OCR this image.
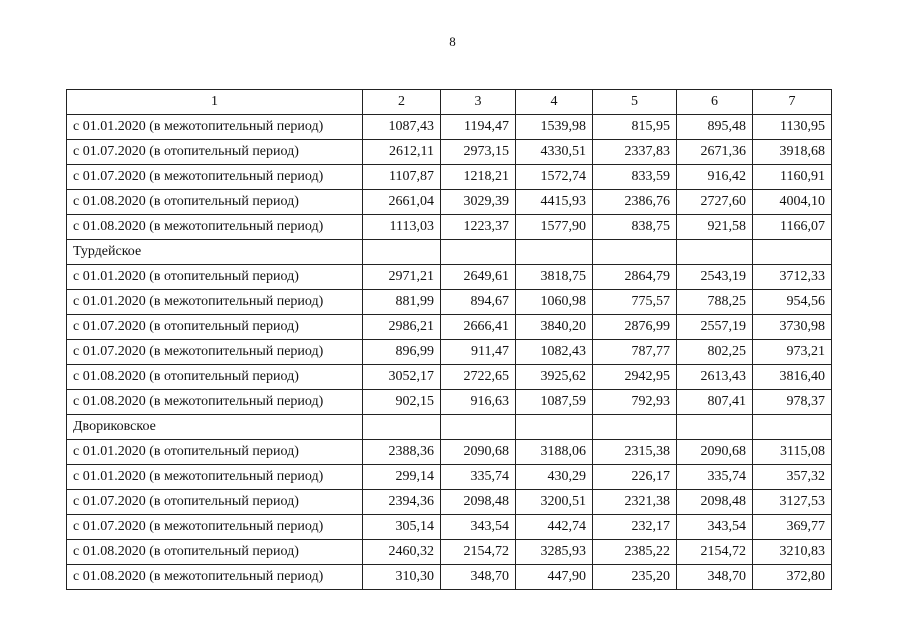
8
1	2	3	4	5	6	7
с 01.01.2020 (в межотопительный период)	1087,43	1194,47	1539,98	815,95	895,48	1130,95
с 01.07.2020 (в отопительный период)	2612,11	2973,15	4330,51	2337,83	2671,36	3918,68
с 01.07.2020 (в межотопительный период)	1107,87	1218,21	1572,74	833,59	916,42	1160,91
с 01.08.2020 (в отопительный период)	2661,04	3029,39	4415,93	2386,76	2727,60	4004,10
с 01.08.2020 (в межотопительный период)	1113,03	1223,37	1577,90	838,75	921,58	1166,07
Турдейское						
с 01.01.2020 (в отопительный период)	2971,21	2649,61	3818,75	2864,79	2543,19	3712,33
с 01.01.2020 (в межотопительный период)	881,99	894,67	1060,98	775,57	788,25	954,56
с 01.07.2020 (в отопительный период)	2986,21	2666,41	3840,20	2876,99	2557,19	3730,98
с 01.07.2020 (в межотопительный период)	896,99	911,47	1082,43	787,77	802,25	973,21
с 01.08.2020 (в отопительный период)	3052,17	2722,65	3925,62	2942,95	2613,43	3816,40
с 01.08.2020 (в межотопительный период)	902,15	916,63	1087,59	792,93	807,41	978,37
Двориковское						
с 01.01.2020 (в отопительный период)	2388,36	2090,68	3188,06	2315,38	2090,68	3115,08
с 01.01.2020 (в межотопительный период)	299,14	335,74	430,29	226,17	335,74	357,32
с 01.07.2020 (в отопительный период)	2394,36	2098,48	3200,51	2321,38	2098,48	3127,53
с 01.07.2020 (в межотопительный период)	305,14	343,54	442,74	232,17	343,54	369,77
с 01.08.2020 (в отопительный период)	2460,32	2154,72	3285,93	2385,22	2154,72	3210,83
с 01.08.2020 (в межотопительный период)	310,30	348,70	447,90	235,20	348,70	372,80
